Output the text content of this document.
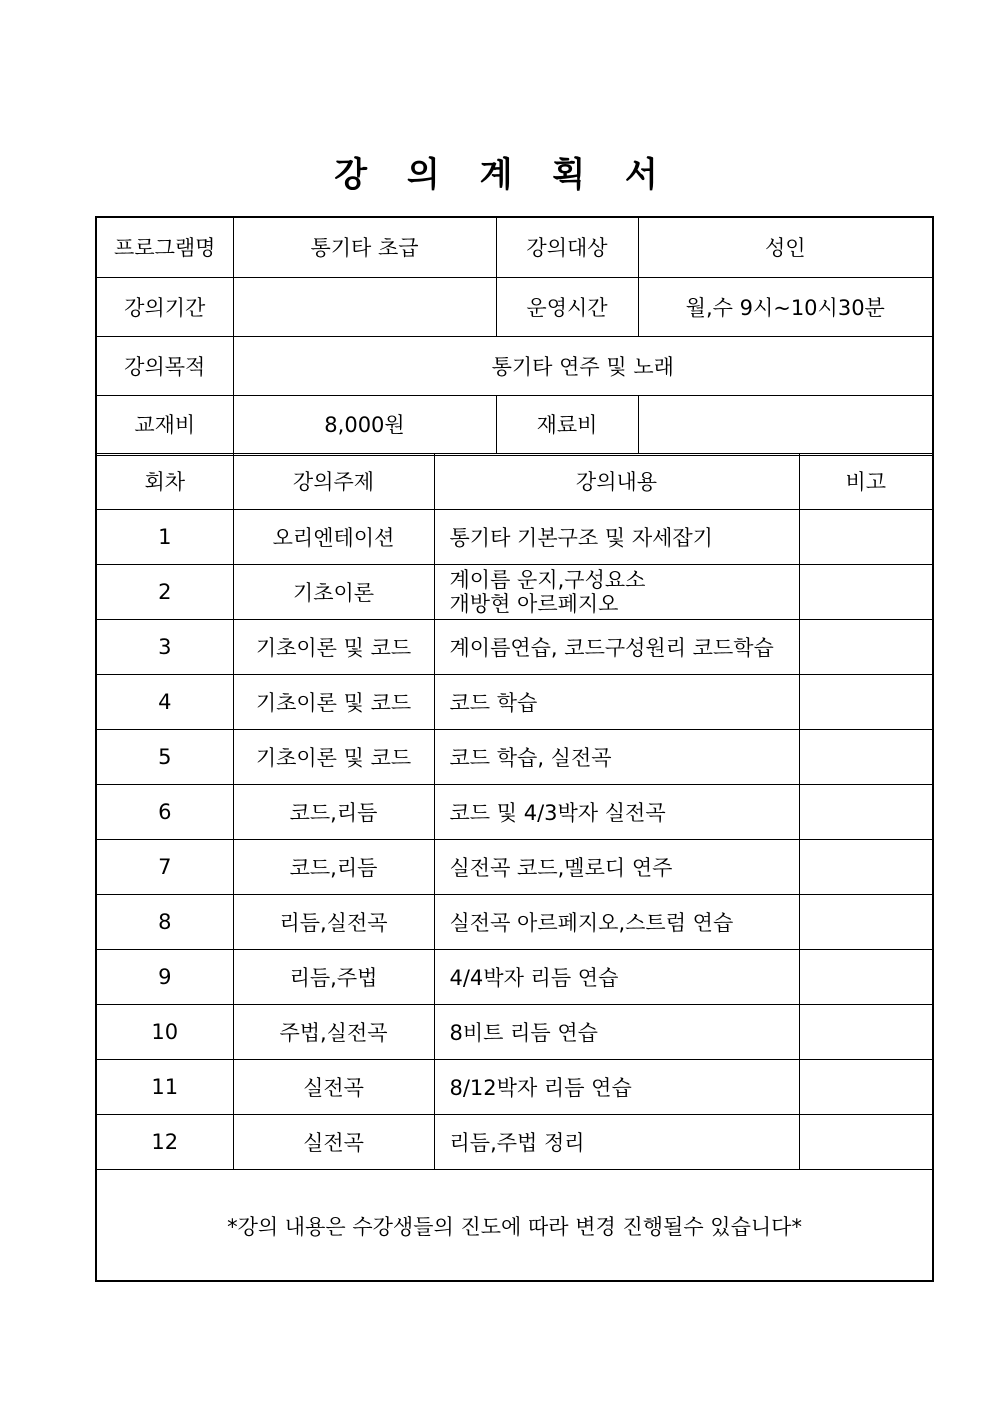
강 의 계 획 서
프로그램명	통기타 초급	강의대상	성인
강의기간		운영시간	월,수 9시~10시30분
강의목적	통기타 연주 및 노래		
교재비	8,000원	재료비	
회차	강의주제	강의내용	비고
1	오리엔테이션	통기타 기본구조 및 자세잡기	
2	기초이론	계이름 운지,구성요소
개방현 아르페지오	

3	기초이론 및 코드	계이름연습, 코드구성원리 코드학습	
4	기초이론 및 코드	코드 학습	
5	기초이론 및 코드	코드 학습, 실전곡	
6	코드,리듬	코드 및 4/3박자 실전곡	
7	코드,리듬	실전곡 코드,멜로디 연주	
8	리듬,실전곡	실전곡 아르페지오,스트럼 연습	
9	리듬,주법	4/4박자 리듬 연습	
10	주법,실전곡	8비트 리듬 연습	
11	실전곡	8/12박자 리듬 연습	
12	실전곡	리듬,주법 정리	
*강의 내용은 수강생들의 진도에 따라 변경 진행될수 있습니다*
